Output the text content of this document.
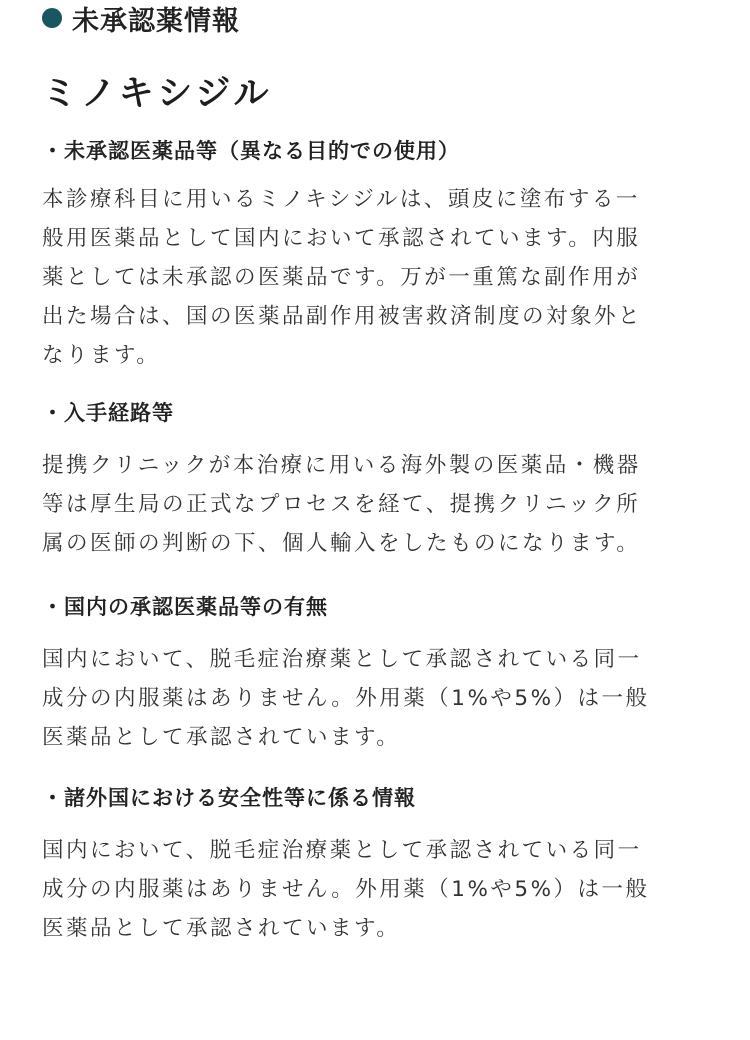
未承認薬情報
ミノキシジル

・未承認医薬品等（異なる目的での使用）

本診療科目に用いるミノキシジルは、頭皮に塗布する一
般用医薬品として国内において承認されています。内服
薬としては未承認の医薬品です。万が一重篤な副作用が
出た場合は、国の医薬品副作用被害救済制度の対象外と
なります。

・入手経路等

提携クリニックが本治療に用いる海外製の医薬品・機器
等は厚生局の正式なプロセスを経て、提携クリニック所
属の医師の判断の下、個人輸入をしたものになります。

・国内の承認医薬品等の有無

国内において、脱毛症治療薬として承認されている同一
成分の内服薬はありません。外用薬（1%や5%）は一般
医薬品として承認されています。

・諸外国における安全性等に係る情報

国内において、脱毛症治療薬として承認されている同一
成分の内服薬はありません。外用薬（1%や5%）は一般
医薬品として承認されています。
